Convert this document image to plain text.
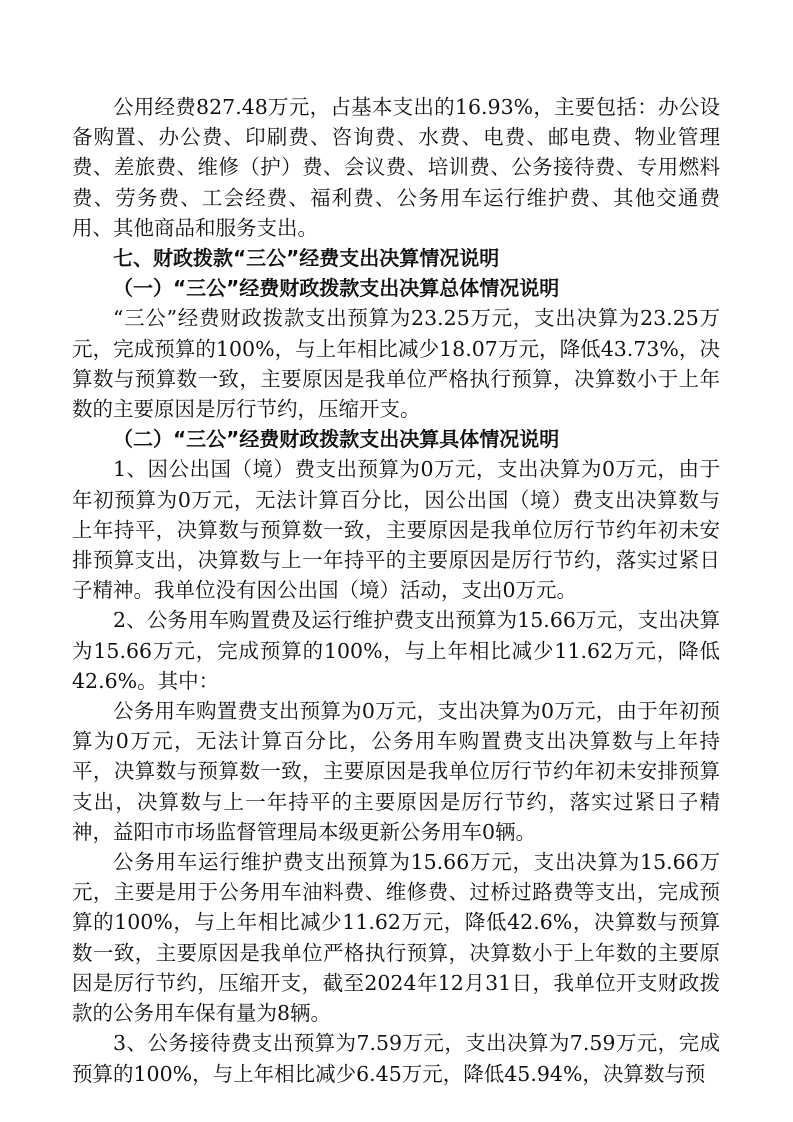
公用经费827.48万元，占基本支出的16.93%，主要包括：办公设备购置、办公费、印刷费、咨询费、水费、电费、邮电费、物业管理费、差旅费、维修（护）费、会议费、培训费、公务接待费、专用燃料费、劳务费、工会经费、福利费、公务用车运行维护费、其他交通费用、其他商品和服务支出。

七、财政拨款“三公”经费支出决算情况说明

（一）“三公”经费财政拨款支出决算总体情况说明

“三公”经费财政拨款支出预算为23.25万元，支出决算为23.25万元，完成预算的100%，与上年相比减少18.07万元，降低43.73%，决算数与预算数一致，主要原因是我单位严格执行预算，决算数小于上年数的主要原因是厉行节约，压缩开支。

（二）“三公”经费财政拨款支出决算具体情况说明

1、因公出国（境）费支出预算为0万元，支出决算为0万元，由于年初预算为0万元，无法计算百分比，因公出国（境）费支出决算数与上年持平，决算数与预算数一致，主要原因是我单位厉行节约年初未安排预算支出，决算数与上一年持平的主要原因是厉行节约，落实过紧日子精神。我单位没有因公出国（境）活动，支出0万元。

2、公务用车购置费及运行维护费支出预算为15.66万元，支出决算为15.66万元，完成预算的100%，与上年相比减少11.62万元，降低42.6%。其中：

公务用车购置费支出预算为0万元，支出决算为0万元，由于年初预算为0万元，无法计算百分比，公务用车购置费支出决算数与上年持平，决算数与预算数一致，主要原因是我单位厉行节约年初未安排预算支出，决算数与上一年持平的主要原因是厉行节约，落实过紧日子精神，益阳市市场监督管理局本级更新公务用车0辆。

公务用车运行维护费支出预算为15.66万元，支出决算为15.66万元，主要是用于公务用车油料费、维修费、过桥过路费等支出，完成预算的100%，与上年相比减少11.62万元，降低42.6%，决算数与预算数一致，主要原因是我单位严格执行预算，决算数小于上年数的主要原因是厉行节约，压缩开支，截至2024年12月31日，我单位开支财政拨款的公务用车保有量为8辆。

3、公务接待费支出预算为7.59万元，支出决算为7.59万元，完成预算的100%，与上年相比减少6.45万元，降低45.94%，决算数与预
